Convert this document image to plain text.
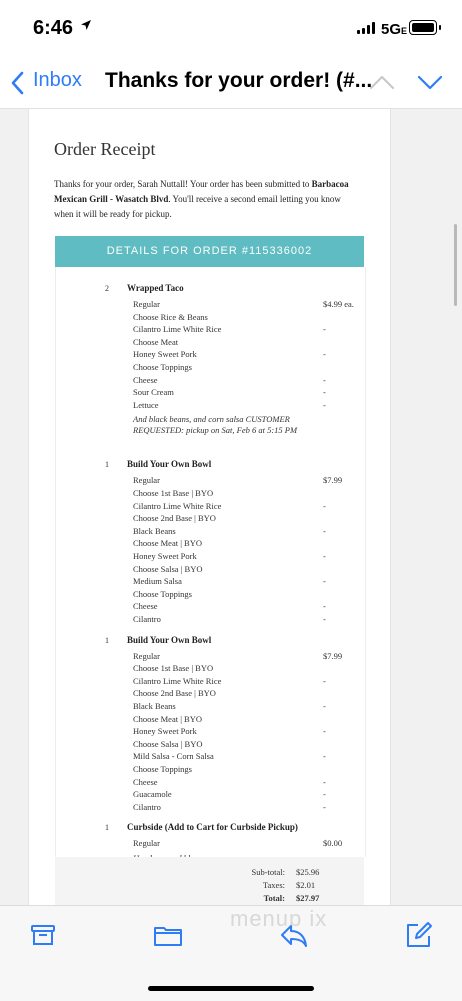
6:46	5GE
Inbox Thanks for your order! (#...
Order Receipt
Thanks for your order, Sarah Nuttall! Your order has been submitted to Barbacoa Mexican Grill - Wasatch Blvd. You'll receive a second email letting you know when it will be ready for pickup.
DETAILS FOR ORDER #115336002
2 Wrapped Taco
Regular	$4.99 ea.
Choose Rice & Beans
Cilantro Lime White Rice	-
Choose Meat
Honey Sweet Pork	-
Choose Toppings
Cheese	-
Sour Cream	-
Lettuce	-
And black beans, and corn salsa CUSTOMER REQUESTED: pickup on Sat, Feb 6 at 5:15 PM
1 Build Your Own Bowl
Regular	$7.99
Choose 1st Base | BYO
Cilantro Lime White Rice	-
Choose 2nd Base | BYO
Black Beans	-
Choose Meat | BYO
Honey Sweet Pork	-
Choose Salsa | BYO
Medium Salsa	-
Choose Toppings
Cheese	-
Cilantro	-
1 Build Your Own Bowl
Regular	$7.99
Choose 1st Base | BYO
Cilantro Lime White Rice	-
Choose 2nd Base | BYO
Black Beans	-
Choose Meat | BYO
Honey Sweet Pork	-
Choose Salsa | BYO
Mild Salsa - Corn Salsa	-
Choose Toppings
Cheese	-
Guacamole	-
Cilantro	-
1 Curbside (Add to Cart for Curbside Pickup)
Regular	$0.00
Sub-total: $25.96
Taxes: $2.01
Total: $27.97
menup ix
